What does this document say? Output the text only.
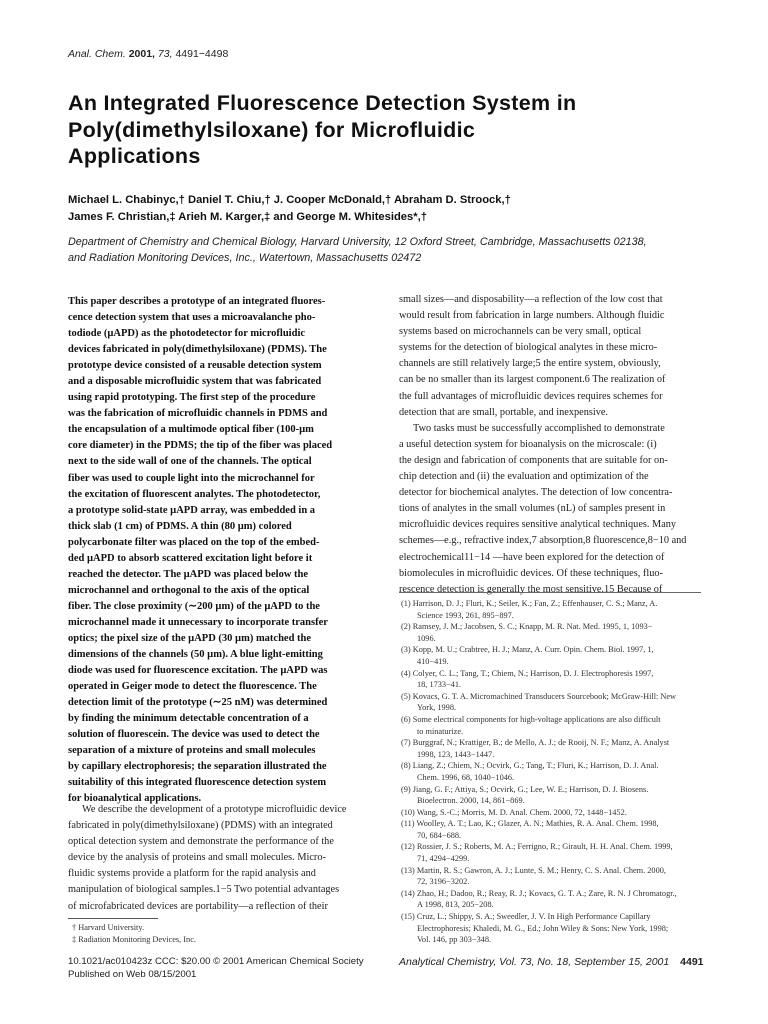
Anal. Chem. 2001, 73, 4491−4498
An Integrated Fluorescence Detection System in
Poly(dimethylsiloxane) for Microfluidic
Applications
Michael L. Chabinyc,† Daniel T. Chiu,† J. Cooper McDonald,† Abraham D. Stroock,†
James F. Christian,‡ Arieh M. Karger,‡ and George M. Whitesides*,†
Department of Chemistry and Chemical Biology, Harvard University, 12 Oxford Street, Cambridge, Massachusetts 02138,
and Radiation Monitoring Devices, Inc., Watertown, Massachusetts 02472
This paper describes a prototype of an integrated fluores-
cence detection system that uses a microavalanche pho-
todiode (µAPD) as the photodetector for microfluidic
devices fabricated in poly(dimethylsiloxane) (PDMS). The
prototype device consisted of a reusable detection system
and a disposable microfluidic system that was fabricated
using rapid prototyping. The first step of the procedure
was the fabrication of microfluidic channels in PDMS and
the encapsulation of a multimode optical fiber (100-µm
core diameter) in the PDMS; the tip of the fiber was placed
next to the side wall of one of the channels. The optical
fiber was used to couple light into the microchannel for
the excitation of fluorescent analytes. The photodetector,
a prototype solid-state µAPD array, was embedded in a
thick slab (1 cm) of PDMS. A thin (80 µm) colored
polycarbonate filter was placed on the top of the embed-
ded µAPD to absorb scattered excitation light before it
reached the detector. The µAPD was placed below the
microchannel and orthogonal to the axis of the optical
fiber. The close proximity (∼200 µm) of the µAPD to the
microchannel made it unnecessary to incorporate transfer
optics; the pixel size of the µAPD (30 µm) matched the
dimensions of the channels (50 µm). A blue light-emitting
diode was used for fluorescence excitation. The µAPD was
operated in Geiger mode to detect the fluorescence. The
detection limit of the prototype (∼25 nM) was determined
by finding the minimum detectable concentration of a
solution of fluorescein. The device was used to detect the
separation of a mixture of proteins and small molecules
by capillary electrophoresis; the separation illustrated the
suitability of this integrated fluorescence detection system
for bioanalytical applications.
We describe the development of a prototype microfluidic device
fabricated in poly(dimethylsiloxane) (PDMS) with an integrated
optical detection system and demonstrate the performance of the
device by the analysis of proteins and small molecules. Micro-
fluidic systems provide a platform for the rapid analysis and
manipulation of biological samples.1−5 Two potential advantages
of microfabricated devices are portability—a reflection of their
† Harvard University.
‡ Radiation Monitoring Devices, Inc.
10.1021/ac010423z CCC: $20.00 © 2001 American Chemical Society
Published on Web 08/15/2001
small sizes—and disposability—a reflection of the low cost that
would result from fabrication in large numbers. Although fluidic
systems based on microchannels can be very small, optical
systems for the detection of biological analytes in these micro-
channels are still relatively large;5 the entire system, obviously,
can be no smaller than its largest component.6 The realization of
the full advantages of microfluidic devices requires schemes for
detection that are small, portable, and inexpensive.
Two tasks must be successfully accomplished to demonstrate
a useful detection system for bioanalysis on the microscale: (i)
the design and fabrication of components that are suitable for on-
chip detection and (ii) the evaluation and optimization of the
detector for biochemical analytes. The detection of low concentra-
tions of analytes in the small volumes (nL) of samples present in
microfluidic devices requires sensitive analytical techniques. Many
schemes—e.g., refractive index,7 absorption,8 fluorescence,8−10 and
electrochemical11−14 —have been explored for the detection of
biomolecules in microfluidic devices. Of these techniques, fluo-
rescence detection is generally the most sensitive.15 Because of
(1) Harrison, D. J.; Fluri, K.; Seiler, K.; Fan, Z.; Effenhauser, C. S.; Manz, A.
Science 1993, 261, 895−897.
(2) Ramsey, J. M.; Jacobsen, S. C.; Knapp, M. R. Nat. Med. 1995, 1, 1093−
1096.
(3) Kopp, M. U.; Crabtree, H. J.; Manz, A. Curr. Opin. Chem. Biol. 1997, 1,
410−419.
(4) Colyer, C. L.; Tang, T.; Chiem, N.; Harrison, D. J. Electrophoresis 1997,
18, 1733−41.
(5) Kovacs, G. T. A. Micromachined Transducers Sourcebook; McGraw-Hill: New
York, 1998.
(6) Some electrical components for high-voltage applications are also difficult
to minaturize.
(7) Burggraf, N.; Krattiger, B.; de Mello, A. J.; de Rooij, N. F.; Manz, A. Analyst
1998, 123, 1443−1447.
(8) Liang, Z.; Chiem, N.; Ocvirk, G.; Tang, T.; Fluri, K.; Harrison, D. J. Anal.
Chem. 1996, 68, 1040−1046.
(9) Jiang, G. F.; Attiya, S.; Ocvirk, G.; Lee, W. E.; Harrison, D. J. Biosens.
Bioelectron. 2000, 14, 861−869.
(10) Wang, S.-C.; Morris, M. D. Anal. Chem. 2000, 72, 1448−1452.
(11) Woolley, A. T.; Lao, K.; Glazer, A. N.; Mathies, R. A. Anal. Chem. 1998,
70, 684−688.
(12) Rossier, J. S.; Roberts, M. A.; Ferrigno, R.; Girault, H. H. Anal. Chem. 1999,
71, 4294−4299.
(13) Martin, R. S.; Gawron, A. J.; Lunte, S. M.; Henry, C. S. Anal. Chem. 2000,
72, 3196−3202.
(14) Zhao, H.; Dadoo, R.; Reay, R. J.; Kovacs, G. T. A.; Zare, R. N. J Chromatogr.,
A 1998, 813, 205−208.
(15) Cruz, L.; Shippy, S. A.; Sweedler, J. V. In High Performance Capillary
Electrophoresis; Khaledi, M. G., Ed.; John Wiley & Sons: New York, 1998;
Vol. 146, pp 303−348.
Analytical Chemistry, Vol. 73, No. 18, September 15, 2001 4491
